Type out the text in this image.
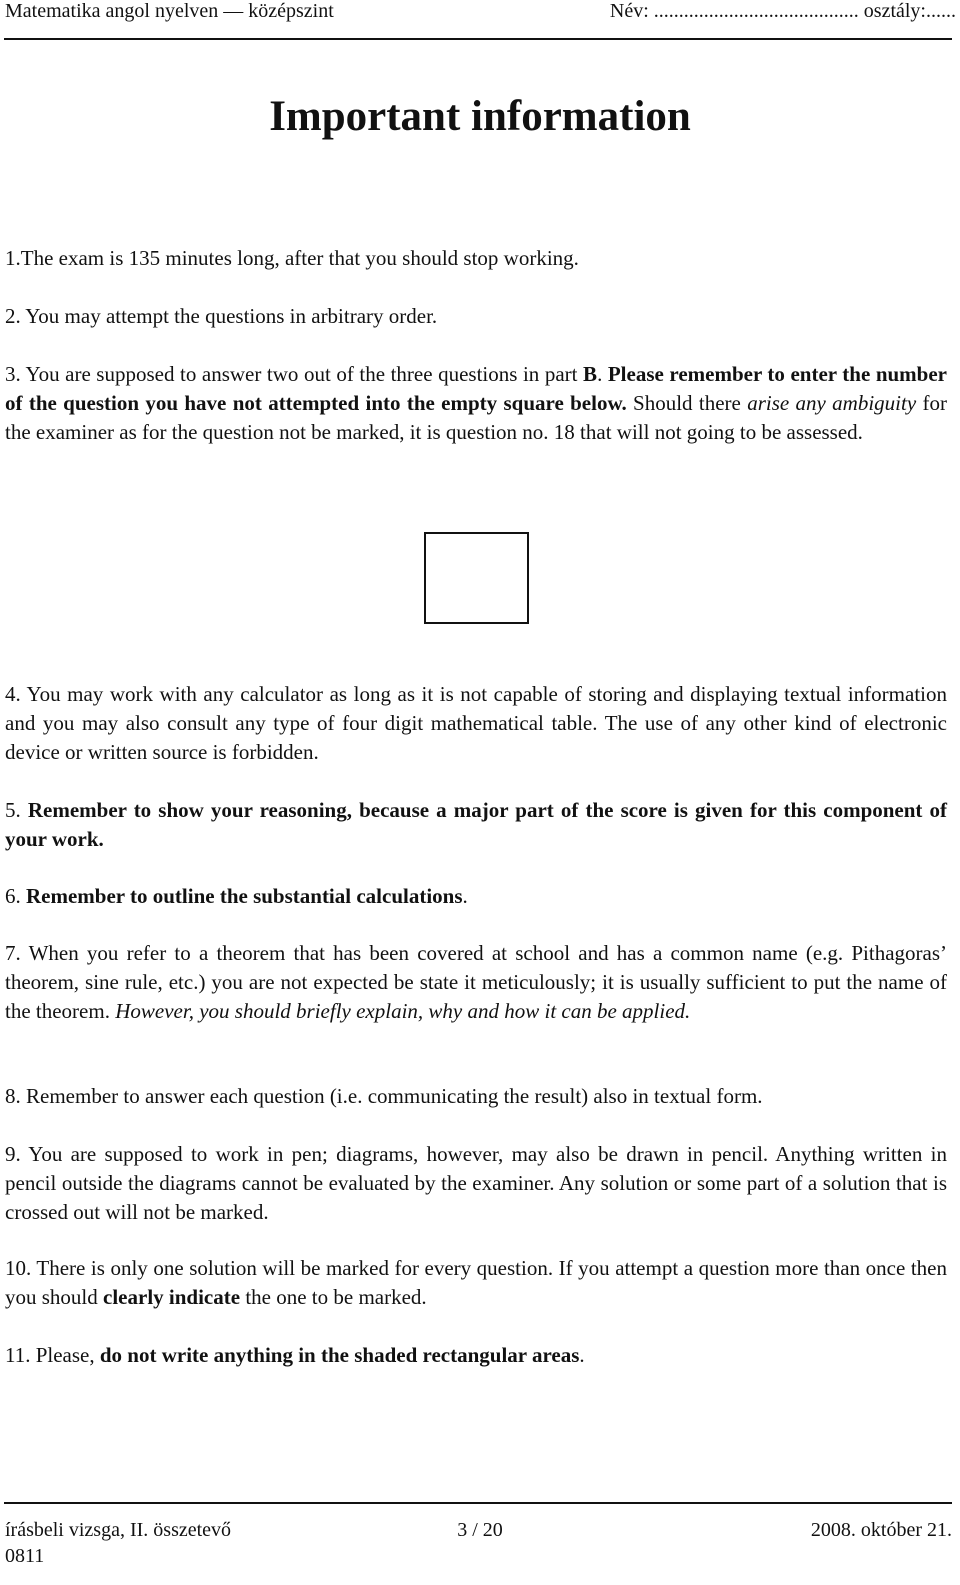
Matematika angol nyelven — középszint	Név: ......................................... osztály:......
Important information
1.The exam is 135 minutes long, after that you should stop working.
2. You may attempt the questions in arbitrary order.
3. You are supposed to answer two out of the three questions in part B. Please remember to enter the number of the question you have not attempted into the empty square below. Should there arise any ambiguity for the examiner as for the question not be marked, it is question no. 18 that will not going to be assessed.
4. You may work with any calculator as long as it is not capable of storing and displaying textual information and you may also consult any type of four digit mathematical table. The use of any other kind of electronic device or written source is forbidden.
5. Remember to show your reasoning, because a major part of the score is given for this component of your work.
6. Remember to outline the substantial calculations.
7. When you refer to a theorem that has been covered at school and has a common name (e.g. Pithagoras’ theorem, sine rule, etc.) you are not expected be state it meticulously; it is usually sufficient to put the name of the theorem. However, you should briefly explain, why and how it can be applied.
8. Remember to answer each question (i.e. communicating the result) also in textual form.
9. You are supposed to work in pen; diagrams, however, may also be drawn in pencil. Anything written in pencil outside the diagrams cannot be evaluated by the examiner. Any solution or some part of a solution that is crossed out will not be marked.
10. There is only one solution will be marked for every question. If you attempt a question more than once then you should clearly indicate the one to be marked.
11. Please, do not write anything in the shaded rectangular areas.
írásbeli vizsga, II. összetevő
0811
3 / 20	2008. október 21.
